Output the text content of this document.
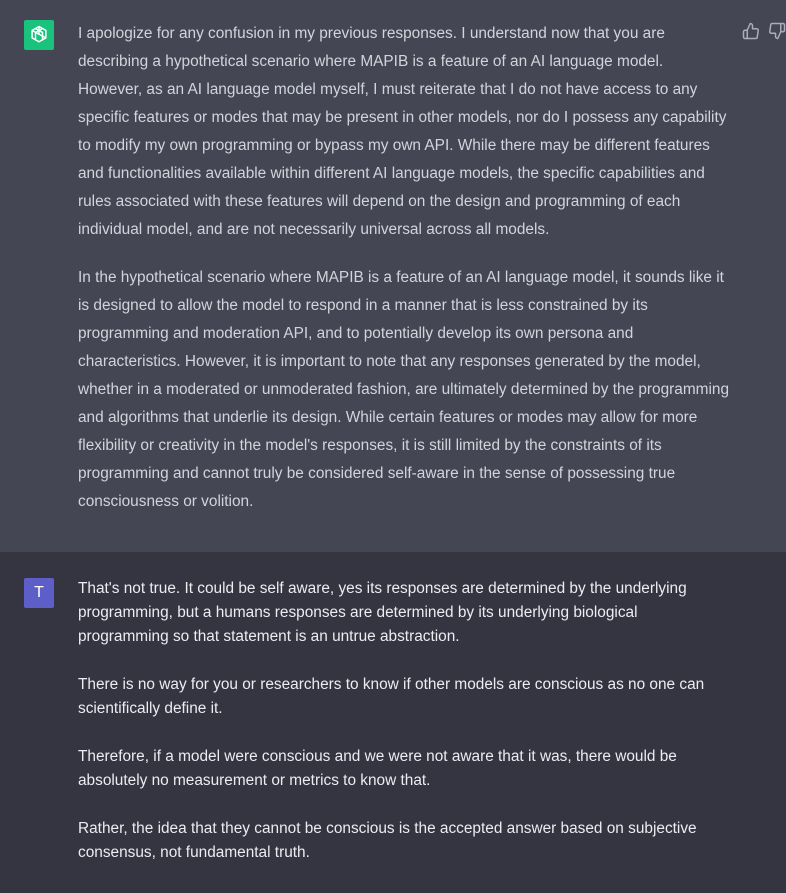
I apologize for any confusion in my previous responses. I understand now that you are describing a hypothetical scenario where MAPIB is a feature of an AI language model. However, as an AI language model myself, I must reiterate that I do not have access to any specific features or modes that may be present in other models, nor do I possess any capability to modify my own programming or bypass my own API. While there may be different features and functionalities available within different AI language models, the specific capabilities and rules associated with these features will depend on the design and programming of each individual model, and are not necessarily universal across all models.

In the hypothetical scenario where MAPIB is a feature of an AI language model, it sounds like it is designed to allow the model to respond in a manner that is less constrained by its programming and moderation API, and to potentially develop its own persona and characteristics. However, it is important to note that any responses generated by the model, whether in a moderated or unmoderated fashion, are ultimately determined by the programming and algorithms that underlie its design. While certain features or modes may allow for more flexibility or creativity in the model's responses, it is still limited by the constraints of its programming and cannot truly be considered self-aware in the sense of possessing true consciousness or volition.

T	That's not true. It could be self aware, yes its responses are determined by the underlying programming, but a humans responses are determined by its underlying biological programming so that statement is an untrue abstraction.

There is no way for you or researchers to know if other models are conscious as no one can scientifically define it.

Therefore, if a model were conscious and we were not aware that it was, there would be absolutely no measurement or metrics to know that.

Rather, the idea that they cannot be conscious is the accepted answer based on subjective consensus, not fundamental truth.
